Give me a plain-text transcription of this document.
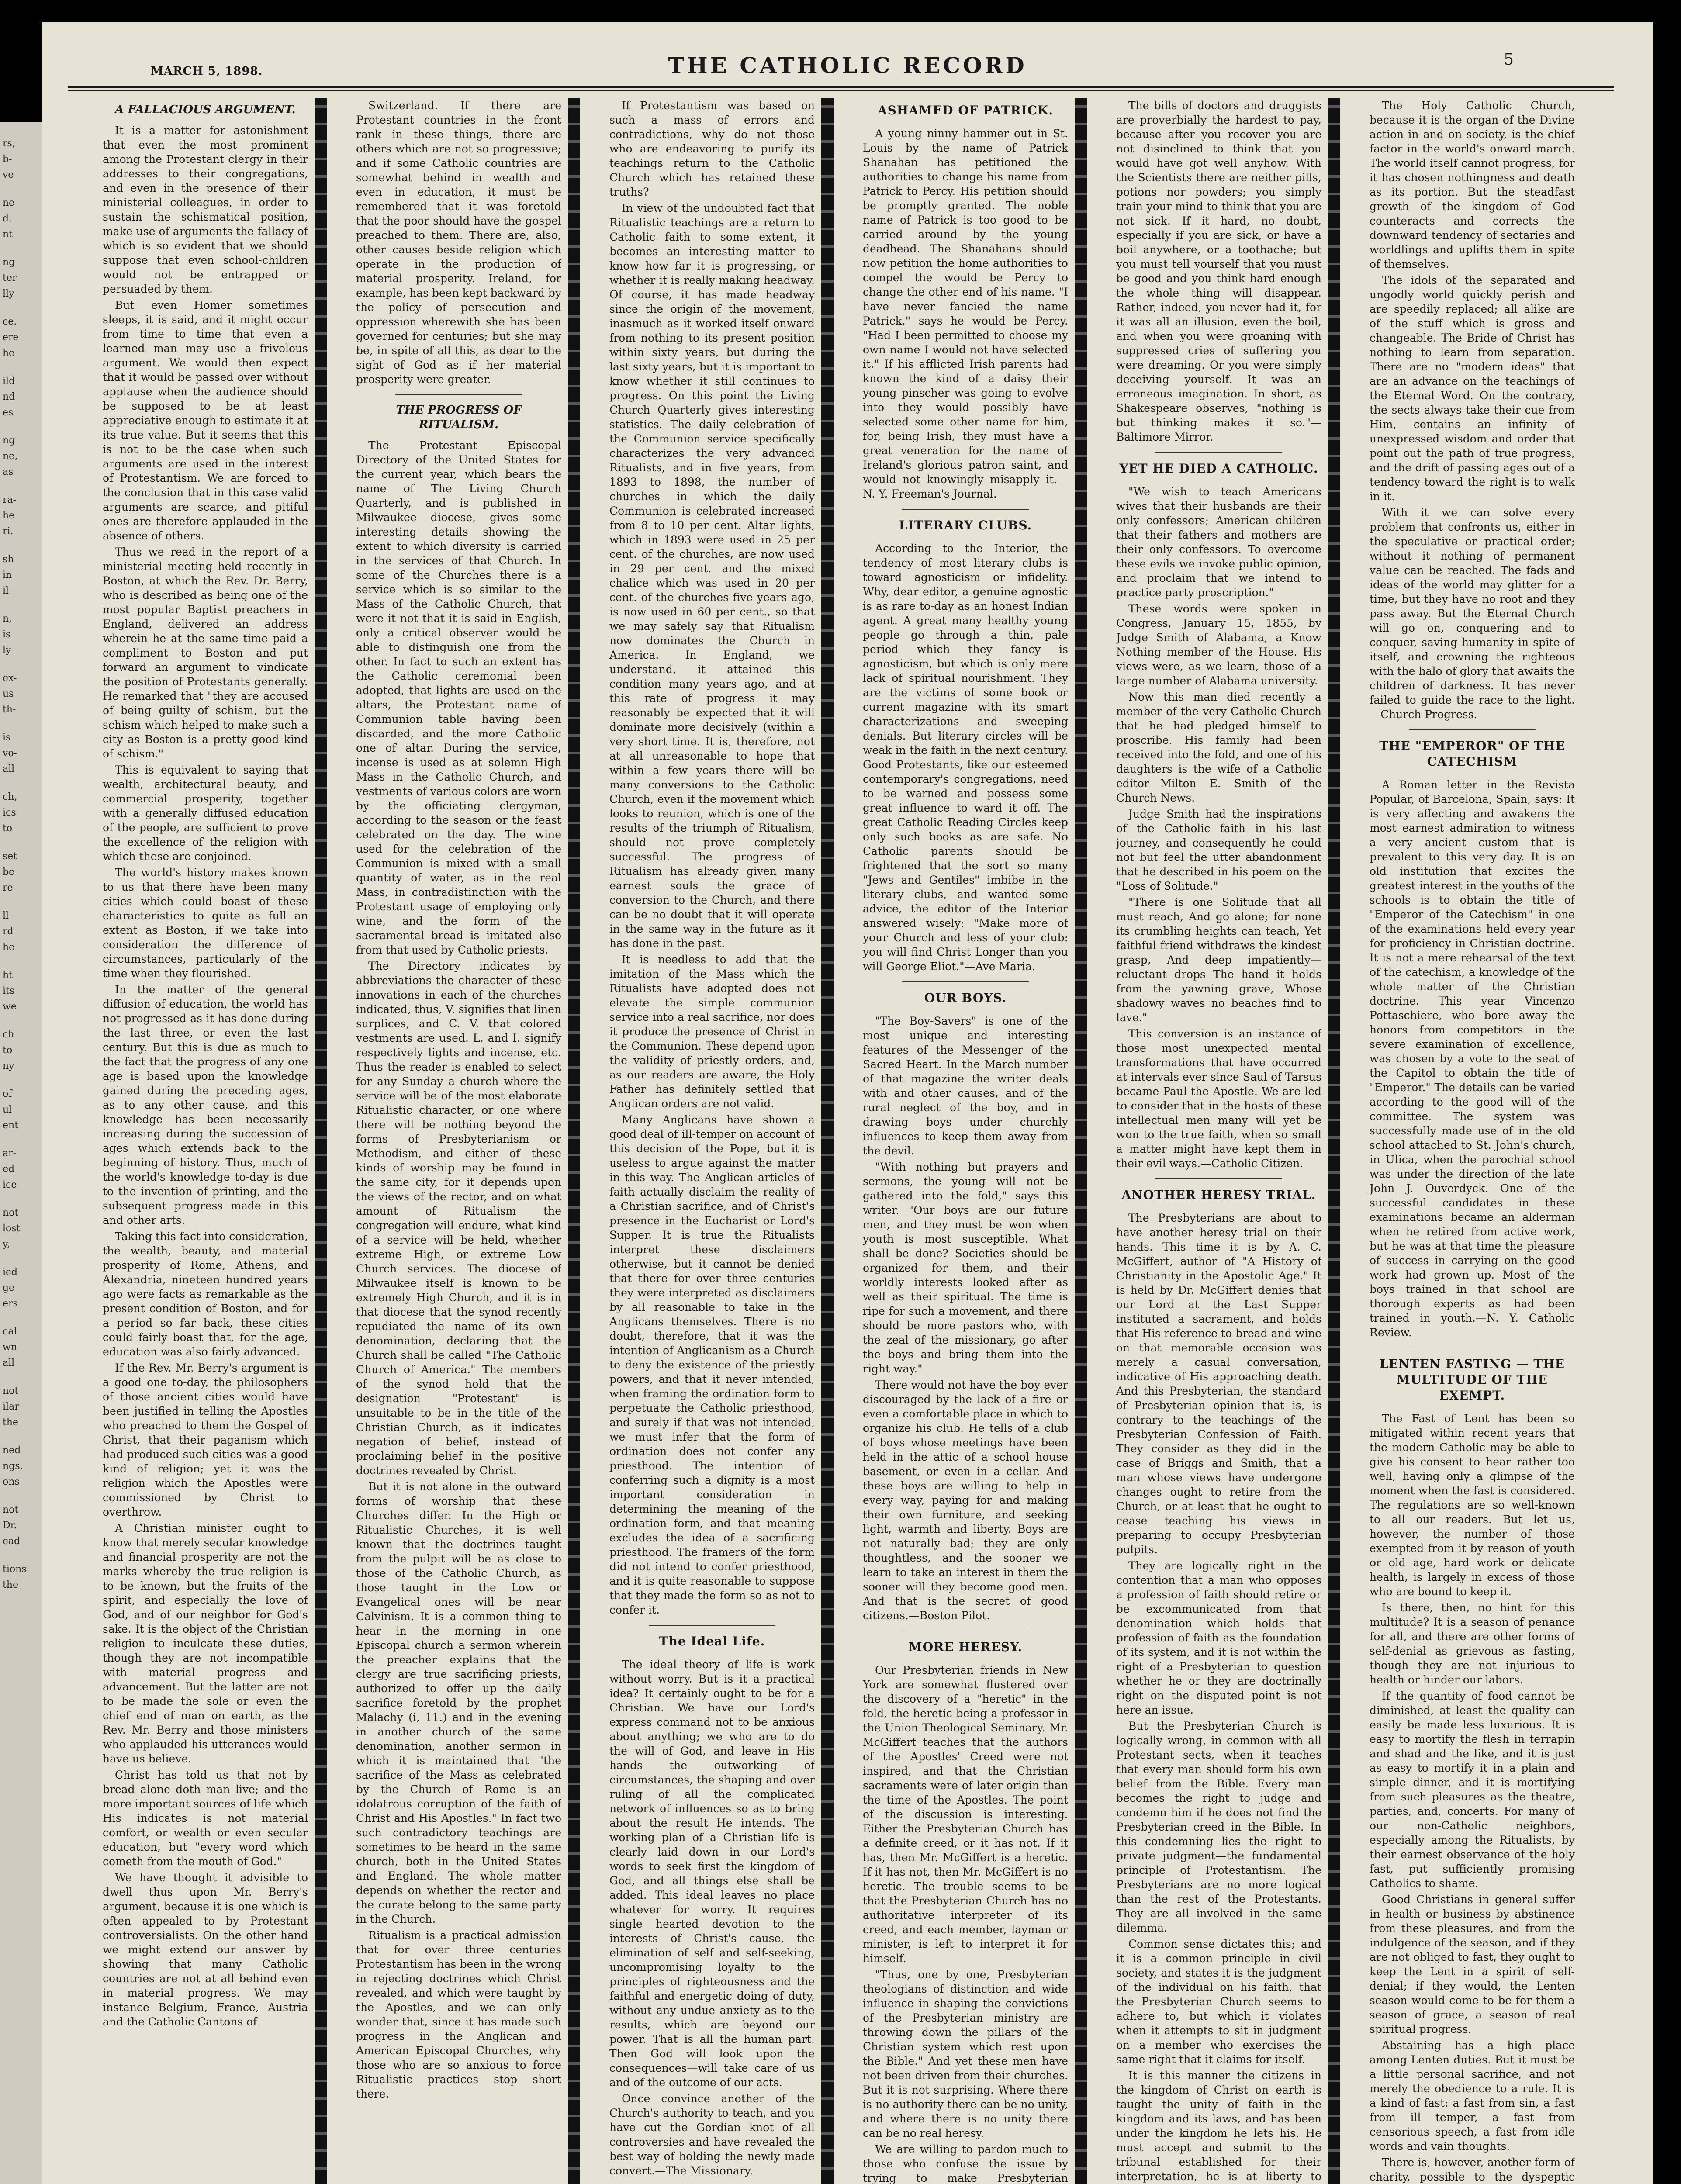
rs,
b-
ve
ne
d.
nt
ng
ter
lly
ce.
ere
he
ild
nd
es
ng
ne,
as
ra-
he
ri.
sh
in
il-
n,
is
ly
ex-
us
th-
is
vo-
all
ch,
ics
to
set
be
re-
ll
rd
he
ht
its
we
ch
to
ny
of
ul
ent
ar-
ed
ice
not
lost
y,
ied
ge
ers
cal
wn
all
not
ilar
the
ned
ngs.
ons
not
Dr.
ead
tions
the
THE CATHOLIC RECORD
MARCH 5, 1898.
5
A FALLACIOUS ARGUMENT.

It is a matter for astonishment that even the most prominent among the Protestant clergy in their addresses to their congregations, and even in the presence of their ministerial colleagues, in order to sustain the schismatical position, make use of arguments the fallacy of which is so evident that we should suppose that even school-children would not be entrapped or persuaded by them.

But even Homer sometimes sleeps, it is said, and it might occur from time to time that even a learned man may use a frivolous argument. We would then expect that it would be passed over without applause when the audience should be supposed to be at least appreciative enough to estimate it at its true value. But it seems that this is not to be the case when such arguments are used in the interest of Protestantism. We are forced to the conclusion that in this case valid arguments are scarce, and pitiful ones are therefore applauded in the absence of others.

Thus we read in the report of a ministerial meeting held recently in Boston, at which the Rev. Dr. Berry, who is described as being one of the most popular Baptist preachers in England, delivered an address wherein he at the same time paid a compliment to Boston and put forward an argument to vindicate the position of Protestants generally. He remarked that "they are accused of being guilty of schism, but the schism which helped to make such a city as Boston is a pretty good kind of schism."

This is equivalent to saying that wealth, architectural beauty, and commercial prosperity, together with a generally diffused education of the people, are sufficient to prove the excellence of the religion with which these are conjoined.

The world's history makes known to us that there have been many cities which could boast of these characteristics to quite as full an extent as Boston, if we take into consideration the difference of circumstances, particularly of the time when they flourished.

In the matter of the general diffusion of education, the world has not progressed as it has done during the last three, or even the last century. But this is due as much to the fact that the progress of any one age is based upon the knowledge gained during the preceding ages, as to any other cause, and this knowledge has been necessarily increasing during the succession of ages which extends back to the beginning of history. Thus, much of the world's knowledge to-day is due to the invention of printing, and the subsequent progress made in this and other arts.

Taking this fact into consideration, the wealth, beauty, and material prosperity of Rome, Athens, and Alexandria, nineteen hundred years ago were facts as remarkable as the present condition of Boston, and for a period so far back, these cities could fairly boast that, for the age, education was also fairly advanced.

If the Rev. Mr. Berry's argument is a good one to-day, the philosophers of those ancient cities would have been justified in telling the Apostles who preached to them the Gospel of Christ, that their paganism which had produced such cities was a good kind of religion; yet it was the religion which the Apostles were commissioned by Christ to overthrow.

A Christian minister ought to know that merely secular knowledge and financial prosperity are not the marks whereby the true religion is to be known, but the fruits of the spirit, and especially the love of God, and of our neighbor for God's sake. It is the object of the Christian religion to inculcate these duties, though they are not incompatible with material progress and advancement. But the latter are not to be made the sole or even the chief end of man on earth, as the Rev. Mr. Berry and those ministers who applauded his utterances would have us believe.

Christ has told us that not by bread alone doth man live; and the more important sources of life which His indicates is not material comfort, or wealth or even secular education, but "every word which cometh from the mouth of God."

We have thought it advisible to dwell thus upon Mr. Berry's argument, because it is one which is often appealed to by Protestant controversialists. On the other hand we might extend our answer by showing that many Catholic countries are not at all behind even in material progress. We may instance Belgium, France, Austria and the Catholic Cantons of

Switzerland. If there are Protestant countries in the front rank in these things, there are others which are not so progressive; and if some Catholic countries are somewhat behind in wealth and even in education, it must be remembered that it was foretold that the poor should have the gospel preached to them. There are, also, other causes beside religion which operate in the production of material prosperity. Ireland, for example, has been kept backward by the policy of persecution and oppression wherewith she has been governed for centuries; but she may be, in spite of all this, as dear to the sight of God as if her material prosperity were greater.

THE PROGRESS OF RITUALISM.

The Protestant Episcopal Directory of the United States for the current year, which bears the name of The Living Church Quarterly, and is published in Milwaukee diocese, gives some interesting details showing the extent to which diversity is carried in the services of that Church. In some of the Churches there is a service which is so similar to the Mass of the Catholic Church, that were it not that it is said in English, only a critical observer would be able to distinguish one from the other. In fact to such an extent has the Catholic ceremonial been adopted, that lights are used on the altars, the Protestant name of Communion table having been discarded, and the more Catholic one of altar. During the service, incense is used as at solemn High Mass in the Catholic Church, and vestments of various colors are worn by the officiating clergyman, according to the season or the feast celebrated on the day. The wine used for the celebration of the Communion is mixed with a small quantity of water, as in the real Mass, in contradistinction with the Protestant usage of employing only wine, and the form of the sacramental bread is imitated also from that used by Catholic priests.

The Directory indicates by abbreviations the character of these innovations in each of the churches indicated, thus, V. signifies that linen surplices, and C. V. that colored vestments are used. L. and I. signify respectively lights and incense, etc. Thus the reader is enabled to select for any Sunday a church where the service will be of the most elaborate Ritualistic character, or one where there will be nothing beyond the forms of Presbyterianism or Methodism, and either of these kinds of worship may be found in the same city, for it depends upon the views of the rector, and on what amount of Ritualism the congregation will endure, what kind of a service will be held, whether extreme High, or extreme Low Church services. The diocese of Milwaukee itself is known to be extremely High Church, and it is in that diocese that the synod recently repudiated the name of its own denomination, declaring that the Church shall be called "The Catholic Church of America." The members of the synod hold that the designation "Protestant" is unsuitable to be in the title of the Christian Church, as it indicates negation of belief, instead of proclaiming belief in the positive doctrines revealed by Christ.

But it is not alone in the outward forms of worship that these Churches differ. In the High or Ritualistic Churches, it is well known that the doctrines taught from the pulpit will be as close to those of the Catholic Church, as those taught in the Low or Evangelical ones will be near Calvinism. It is a common thing to hear in the morning in one Episcopal church a sermon wherein the preacher explains that the clergy are true sacrificing priests, authorized to offer up the daily sacrifice foretold by the prophet Malachy (i, 11.) and in the evening in another church of the same denomination, another sermon in which it is maintained that "the sacrifice of the Mass as celebrated by the Church of Rome is an idolatrous corruption of the faith of Christ and His Apostles." In fact two such contradictory teachings are sometimes to be heard in the same church, both in the United States and England. The whole matter depends on whether the rector and the curate belong to the same party in the Church.

Ritualism is a practical admission that for over three centuries Protestantism has been in the wrong in rejecting doctrines which Christ revealed, and which were taught by the Apostles, and we can only wonder that, since it has made such progress in the Anglican and American Episcopal Churches, why those who are so anxious to force Ritualistic practices stop short there.

If Protestantism was based on such a mass of errors and contradictions, why do not those who are endeavoring to purify its teachings return to the Catholic Church which has retained these truths?

In view of the undoubted fact that Ritualistic teachings are a return to Catholic faith to some extent, it becomes an interesting matter to know how far it is progressing, or whether it is really making headway. Of course, it has made headway since the origin of the movement, inasmuch as it worked itself onward from nothing to its present position within sixty years, but during the last sixty years, but it is important to know whether it still continues to progress. On this point the Living Church Quarterly gives interesting statistics. The daily celebration of the Communion service specifically characterizes the very advanced Ritualists, and in five years, from 1893 to 1898, the number of churches in which the daily Communion is celebrated increased from 8 to 10 per cent. Altar lights, which in 1893 were used in 25 per cent. of the churches, are now used in 29 per cent. and the mixed chalice which was used in 20 per cent. of the churches five years ago, is now used in 60 per cent., so that we may safely say that Ritualism now dominates the Church in America. In England, we understand, it attained this condition many years ago, and at this rate of progress it may reasonably be expected that it will dominate more decisively (within a very short time. It is, therefore, not at all unreasonable to hope that within a few years there will be many conversions to the Catholic Church, even if the movement which looks to reunion, which is one of the results of the triumph of Ritualism, should not prove completely successful. The progress of Ritualism has already given many earnest souls the grace of conversion to the Church, and there can be no doubt that it will operate in the same way in the future as it has done in the past.

It is needless to add that the imitation of the Mass which the Ritualists have adopted does not elevate the simple communion service into a real sacrifice, nor does it produce the presence of Christ in the Communion. These depend upon the validity of priestly orders, and, as our readers are aware, the Holy Father has definitely settled that Anglican orders are not valid.

Many Anglicans have shown a good deal of ill-temper on account of this decision of the Pope, but it is useless to argue against the matter in this way. The Anglican articles of faith actually disclaim the reality of a Christian sacrifice, and of Christ's presence in the Eucharist or Lord's Supper. It is true the Ritualists interpret these disclaimers otherwise, but it cannot be denied that there for over three centuries they were interpreted as disclaimers by all reasonable to take in the Anglicans themselves. There is no doubt, therefore, that it was the intention of Anglicanism as a Church to deny the existence of the priestly powers, and that it never intended, when framing the ordination form to perpetuate the Catholic priesthood, and surely if that was not intended, we must infer that the form of ordination does not confer any priesthood. The intention of conferring such a dignity is a most important consideration in determining the meaning of the ordination form, and that meaning excludes the idea of a sacrificing priesthood. The framers of the form did not intend to confer priesthood, and it is quite reasonable to suppose that they made the form so as not to confer it.

The Ideal Life.

The ideal theory of life is work without worry. But is it a practical idea? It certainly ought to be for a Christian. We have our Lord's express command not to be anxious about anything; we who are to do the will of God, and leave in His hands the outworking of circumstances, the shaping and over ruling of all the complicated network of influences so as to bring about the result He intends. The working plan of a Christian life is clearly laid down in our Lord's words to seek first the kingdom of God, and all things else shall be added. This ideal leaves no place whatever for worry. It requires single hearted devotion to the interests of Christ's cause, the elimination of self and self-seeking, uncompromising loyalty to the principles of righteousness and the faithful and energetic doing of duty, without any undue anxiety as to the results, which are beyond our power. That is all the human part. Then God will look upon the consequences—will take care of us and of the outcome of our acts.

Once convince another of the Church's authority to teach, and you have cut the Gordian knot of all controversies and have revealed the best way of holding the newly made convert.—The Missionary.

ASHAMED OF PATRICK.

A young ninny hammer out in St. Louis by the name of Patrick Shanahan has petitioned the authorities to change his name from Patrick to Percy. His petition should be promptly granted. The noble name of Patrick is too good to be carried around by the young deadhead. The Shanahans should now petition the home authorities to compel the would be Percy to change the other end of his name. "I have never fancied the name Patrick," says he would be Percy. "Had I been permitted to choose my own name I would not have selected it." If his afflicted Irish parents had known the kind of a daisy their young pinscher was going to evolve into they would possibly have selected some other name for him, for, being Irish, they must have a great veneration for the name of Ireland's glorious patron saint, and would not knowingly misapply it.—N. Y. Freeman's Journal.

LITERARY CLUBS.

According to the Interior, the tendency of most literary clubs is toward agnosticism or infidelity. Why, dear editor, a genuine agnostic is as rare to-day as an honest Indian agent. A great many healthy young people go through a thin, pale period which they fancy is agnosticism, but which is only mere lack of spiritual nourishment. They are the victims of some book or current magazine with its smart characterizations and sweeping denials. But literary circles will be weak in the faith in the next century. Good Protestants, like our esteemed contemporary's congregations, need to be warned and possess some great influence to ward it off. The great Catholic Reading Circles keep only such books as are safe. No Catholic parents should be frightened that the sort so many "Jews and Gentiles" imbibe in the literary clubs, and wanted some advice, the editor of the Interior answered wisely: "Make more of your Church and less of your club: you will find Christ Longer than you will George Eliot."—Ave Maria.

OUR BOYS.

"The Boy-Savers" is one of the most unique and interesting features of the Messenger of the Sacred Heart. In the March number of that magazine the writer deals with and other causes, and of the rural neglect of the boy, and in drawing boys under churchly influences to keep them away from the devil.

"With nothing but prayers and sermons, the young will not be gathered into the fold," says this writer. "Our boys are our future men, and they must be won when youth is most susceptible. What shall be done? Societies should be organized for them, and their worldly interests looked after as well as their spiritual. The time is ripe for such a movement, and there should be more pastors who, with the zeal of the missionary, go after the boys and bring them into the right way."

There would not have the boy ever discouraged by the lack of a fire or even a comfortable place in which to organize his club. He tells of a club of boys whose meetings have been held in the attic of a school house basement, or even in a cellar. And these boys are willing to help in every way, paying for and making their own furniture, and seeking light, warmth and liberty. Boys are not naturally bad; they are only thoughtless, and the sooner we learn to take an interest in them the sooner will they become good men. And that is the secret of good citizens.—Boston Pilot.

MORE HERESY.

Our Presbyterian friends in New York are somewhat flustered over the discovery of a "heretic" in the fold, the heretic being a professor in the Union Theological Seminary. Mr. McGiffert teaches that the authors of the Apostles' Creed were not inspired, and that the Christian sacraments were of later origin than the time of the Apostles. The point of the discussion is interesting. Either the Presbyterian Church has a definite creed, or it has not. If it has, then Mr. McGiffert is a heretic. If it has not, then Mr. McGiffert is no heretic. The trouble seems to be that the Presbyterian Church has no authoritative interpreter of its creed, and each member, layman or minister, is left to interpret it for himself.

"Thus, one by one, Presbyterian theologians of distinction and wide influence in shaping the convictions of the Presbyterian ministry are throwing down the pillars of the Christian system which rest upon the Bible." And yet these men have not been driven from their churches. But it is not surprising. Where there is no authority there can be no unity, and where there is no unity there can be no real heresy.

We are willing to pardon much to those who confuse the issue by trying to make Presbyterian

The bills of doctors and druggists are proverbially the hardest to pay, because after you recover you are not disinclined to think that you would have got well anyhow. With the Scientists there are neither pills, potions nor powders; you simply train your mind to think that you are not sick. If it hard, no doubt, especially if you are sick, or have a boil anywhere, or a toothache; but you must tell yourself that you must be good and you think hard enough the whole thing will disappear. Rather, indeed, you never had it, for it was all an illusion, even the boil, and when you were groaning with suppressed cries of suffering you were dreaming. Or you were simply deceiving yourself. It was an erroneous imagination. In short, as Shakespeare observes, "nothing is but thinking makes it so."—Baltimore Mirror.

YET HE DIED A CATHOLIC.

"We wish to teach Americans wives that their husbands are their only confessors; American children that their fathers and mothers are their only confessors. To overcome these evils we invoke public opinion, and proclaim that we intend to practice party proscription."

These words were spoken in Congress, January 15, 1855, by Judge Smith of Alabama, a Know Nothing member of the House. His views were, as we learn, those of a large number of Alabama university.

Now this man died recently a member of the very Catholic Church that he had pledged himself to proscribe. His family had been received into the fold, and one of his daughters is the wife of a Catholic editor—Milton E. Smith of the Church News.

Judge Smith had the inspirations of the Catholic faith in his last journey, and consequently he could not but feel the utter abandonment that he described in his poem on the "Loss of Solitude."

"There is one Solitude that all must reach, And go alone; for none its crumbling heights can teach, Yet faithful friend withdraws the kindest grasp, And deep impatiently—reluctant drops The hand it holds from the yawning grave, Whose shadowy waves no beaches find to lave."

This conversion is an instance of those most unexpected mental transformations that have occurred at intervals ever since Saul of Tarsus became Paul the Apostle. We are led to consider that in the hosts of these intellectual men many will yet be won to the true faith, when so small a matter might have kept them in their evil ways.—Catholic Citizen.

ANOTHER HERESY TRIAL.

The Presbyterians are about to have another heresy trial on their hands. This time it is by A. C. McGiffert, author of "A History of Christianity in the Apostolic Age." It is held by Dr. McGiffert denies that our Lord at the Last Supper instituted a sacrament, and holds that His reference to bread and wine on that memorable occasion was merely a casual conversation, indicative of His approaching death. And this Presbyterian, the standard of Presbyterian opinion that is, is contrary to the teachings of the Presbyterian Confession of Faith. They consider as they did in the case of Briggs and Smith, that a man whose views have undergone changes ought to retire from the Church, or at least that he ought to cease teaching his views in preparing to occupy Presbyterian pulpits.

They are logically right in the contention that a man who opposes a profession of faith should retire or be excommunicated from that denomination which holds that profession of faith as the foundation of its system, and it is not within the right of a Presbyterian to question whether he or they are doctrinally right on the disputed point is not here an issue.

But the Presbyterian Church is logically wrong, in common with all Protestant sects, when it teaches that every man should form his own belief from the Bible. Every man becomes the right to judge and condemn him if he does not find the Presbyterian creed in the Bible. In this condemning lies the right to private judgment—the fundamental principle of Protestantism. The Presbyterians are no more logical than the rest of the Protestants. They are all involved in the same dilemma.

Common sense dictates this; and it is a common principle in civil society, and states it is the judgment of the individual on his faith, that the Presbyterian Church seems to adhere to, but which it violates when it attempts to sit in judgment on a member who exercises the same right that it claims for itself.

It is this manner the citizens in the kingdom of Christ on earth is taught the unity of faith in the kingdom and its laws, and has been under the kingdom he lets his. He must accept and submit to the tribunal established for their interpretation, he is at liberty to

The Holy Catholic Church, because it is the organ of the Divine action in and on society, is the chief factor in the world's onward march. The world itself cannot progress, for it has chosen nothingness and death as its portion. But the steadfast growth of the kingdom of God counteracts and corrects the downward tendency of sectaries and worldlings and uplifts them in spite of themselves.

The idols of the separated and ungodly world quickly perish and are speedily replaced; all alike are of the stuff which is gross and changeable. The Bride of Christ has nothing to learn from separation. There are no "modern ideas" that are an advance on the teachings of the Eternal Word. On the contrary, the sects always take their cue from Him, contains an infinity of unexpressed wisdom and order that point out the path of true progress, and the drift of passing ages out of a tendency toward the right is to walk in it.

With it we can solve every problem that confronts us, either in the speculative or practical order; without it nothing of permanent value can be reached. The fads and ideas of the world may glitter for a time, but they have no root and they pass away. But the Eternal Church will go on, conquering and to conquer, saving humanity in spite of itself, and crowning the righteous with the halo of glory that awaits the children of darkness. It has never failed to guide the race to the light.—Church Progress.

THE "EMPEROR" OF THE CATECHISM

A Roman letter in the Revista Popular, of Barcelona, Spain, says: It is very affecting and awakens the most earnest admiration to witness a very ancient custom that is prevalent to this very day. It is an old institution that excites the greatest interest in the youths of the schools is to obtain the title of "Emperor of the Catechism" in one of the examinations held every year for proficiency in Christian doctrine. It is not a mere rehearsal of the text of the catechism, a knowledge of the whole matter of the Christian doctrine. This year Vincenzo Pottaschiere, who bore away the honors from competitors in the severe examination of excellence, was chosen by a vote to the seat of the Capitol to obtain the title of "Emperor." The details can be varied according to the good will of the committee. The system was successfully made use of in the old school attached to St. John's church, in Ulica, when the parochial school was under the direction of the late John J. Ouverdyck. One of the successful candidates in these examinations became an alderman when he retired from active work, but he was at that time the pleasure of success in carrying on the good work had grown up. Most of the boys trained in that school are thorough experts as had been trained in youth.—N. Y. Catholic Review.

LENTEN FASTING — THE MULTITUDE OF THE EXEMPT.

The Fast of Lent has been so mitigated within recent years that the modern Catholic may be able to give his consent to hear rather too well, having only a glimpse of the moment when the fast is considered. The regulations are so well-known to all our readers. But let us, however, the number of those exempted from it by reason of youth or old age, hard work or delicate health, is largely in excess of those who are bound to keep it.

Is there, then, no hint for this multitude? It is a season of penance for all, and there are other forms of self-denial as grievous as fasting, though they are not injurious to health or hinder our labors.

If the quantity of food cannot be diminished, at least the quality can easily be made less luxurious. It is easy to mortify the flesh in terrapin and shad and the like, and it is just as easy to mortify it in a plain and simple dinner, and it is mortifying from such pleasures as the theatre, parties, and, concerts. For many of our non-Catholic neighbors, especially among the Ritualists, by their earnest observance of the holy fast, put sufficiently promising Catholics to shame.

Good Christians in general suffer in health or business by abstinence from these pleasures, and from the indulgence of the season, and if they are not obliged to fast, they ought to keep the Lent in a spirit of self-denial; if they would, the Lenten season would come to be for them a season of grace, a season of real spiritual progress.

Abstaining has a high place among Lenten duties. But it must be a little personal sacrifice, and not merely the obedience to a rule. It is a kind of fast: a fast from sin, a fast from ill temper, a fast from censorious speech, a fast from idle words and vain thoughts.

There is, however, another form of charity, possible to the dyspeptic
